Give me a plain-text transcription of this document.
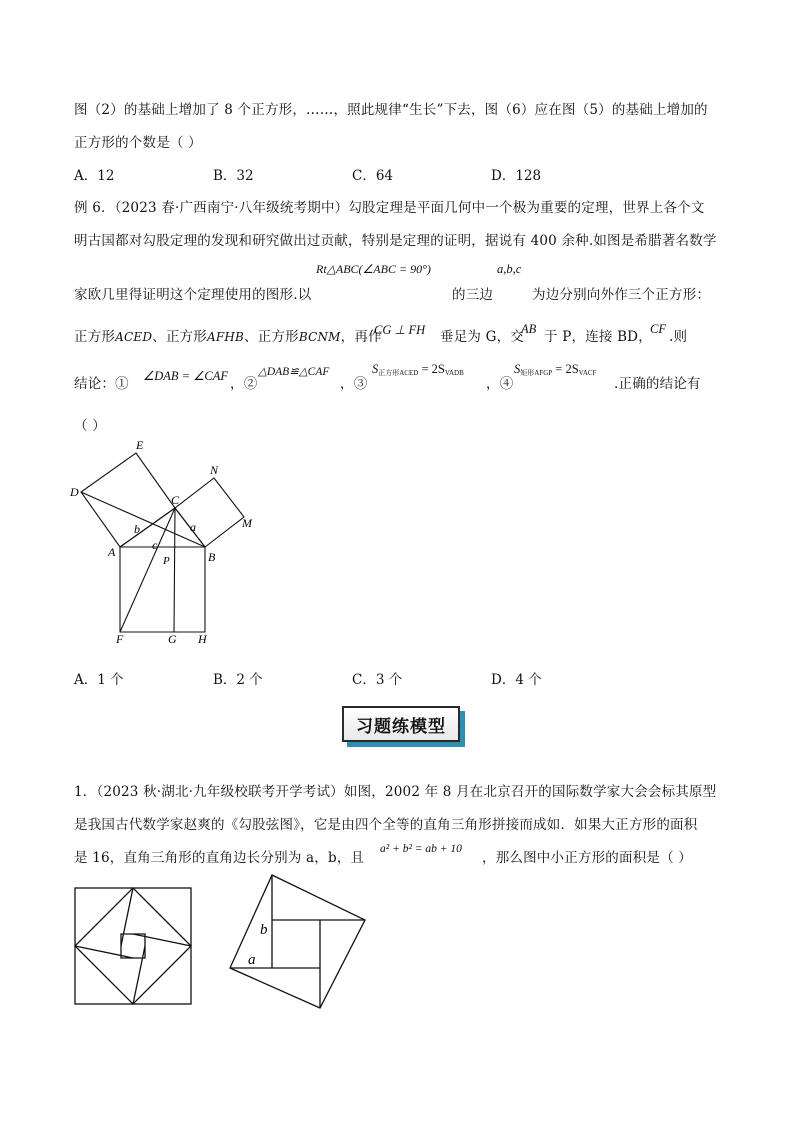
图（2）的基础上增加了 8 个正方形，……，照此规律“生长”下去，图（6）应在图（5）的基础上增加的
正方形的个数是（ ）
A．12	B．32	C．64	D．128
例 6．（2023 春·广西南宁·八年级统考期中）勾股定理是平面几何中一个极为重要的定理，世界上各个文
明古国都对勾股定理的发现和研究做出过贡献，特别是定理的证明，据说有 400 余种.如图是希腊著名数学
家欧几里得证明这个定理使用的图形.以
Rt△ABC(∠ABC = 90°)
的三边
a,b,c
为边分别向外作三个正方形：
正方形ACED、正方形AFHB、正方形BCNM，再作
CG ⊥ FH 垂足为 G，交
AB 于 P，连接 BD，
CF .则
结论：① ∠DAB = ∠CAF ，②
△DAB≌△CAF
，③
$S_{正方形ACED} = 2S_{VADB}$
，④
$S_{矩形AFGP} = 2S_{VACF}$
.正确的结论有
（ ）
E
D
C
N
M
A	B
P
F	G H
a
b
c
A．1 个	B．2 个	C．3 个	D．4 个
习题练模型
1．（2023 秋·湖北·九年级校联考开学考试）如图，2002 年 8 月在北京召开的国际数学家大会会标其原型
是我国古代数学家赵爽的《勾股弦图》，它是由四个全等的直角三角形拼接而成如．如果大正方形的面积
是 16，直角三角形的直角边长分别为 a，b，且
a² + b² = ab + 10
，那么图中小正方形的面积是（ ）
b
a
